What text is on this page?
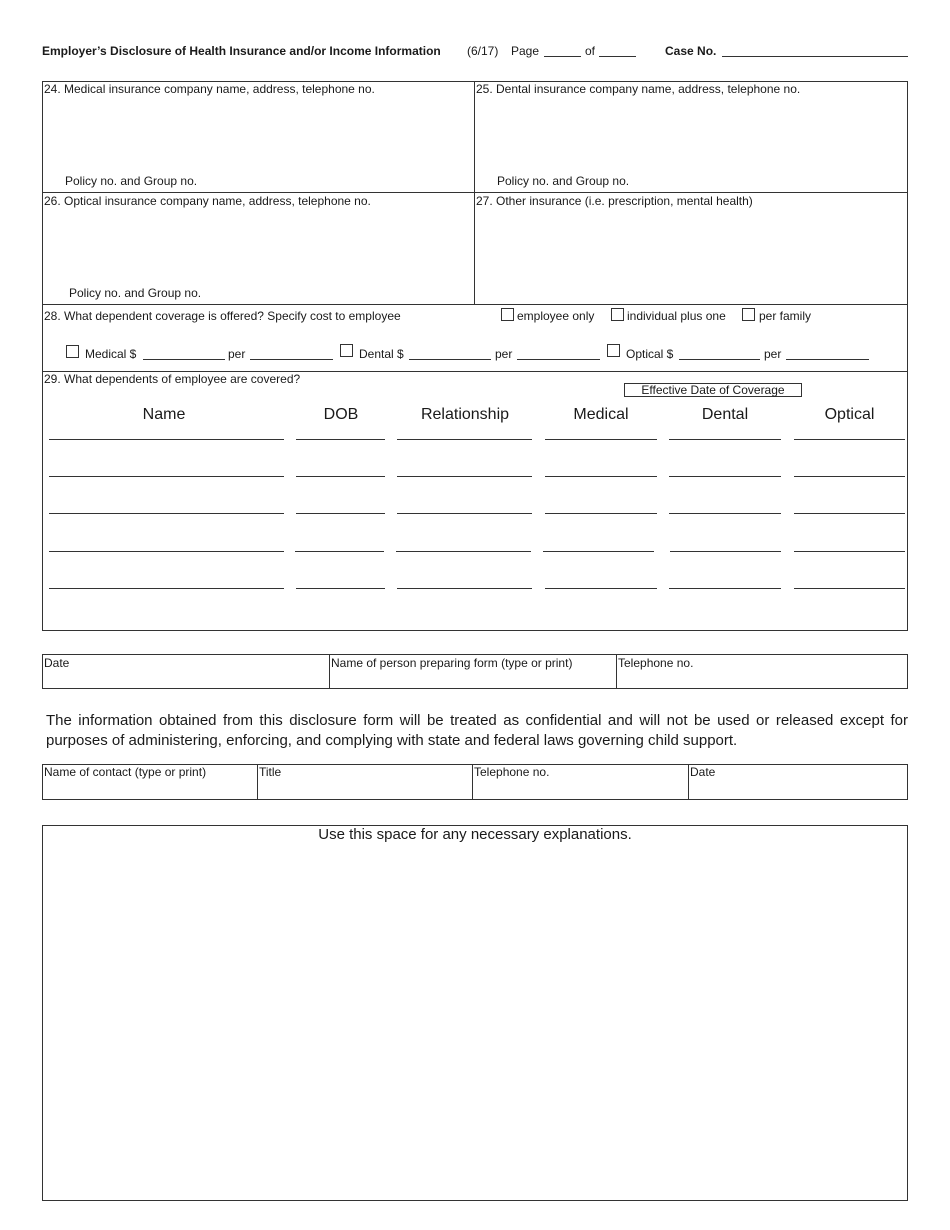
Employer’s Disclosure of Health Insurance and/or Income Information (6/17) Page	of	Case No.
24. Medical insurance company name, address, telephone no.
Policy no. and Group no.
25. Dental insurance company name, address, telephone no.
Policy no. and Group no.
26. Optical insurance company name, address, telephone no.
Policy no. and Group no.
27. Other insurance (i.e. prescription, mental health)
28. What dependent coverage is offered? Specify cost to employee	employee only	individual plus one	per family
Medical $	per	Dental $	per	Optical $	per
29. What dependents of employee are covered?
Effective Date of Coverage
Name	DOB	Relationship	Medical	Dental	Optical
Date	Name of person preparing form (type or print)	Telephone no.
The information obtained from this disclosure form will be treated as confidential and will not be used or released except for purposes of administering, enforcing, and complying with state and federal laws governing child support.
Name of contact (type or print)	Title	Telephone no.	Date
Use this space for any necessary explanations.
